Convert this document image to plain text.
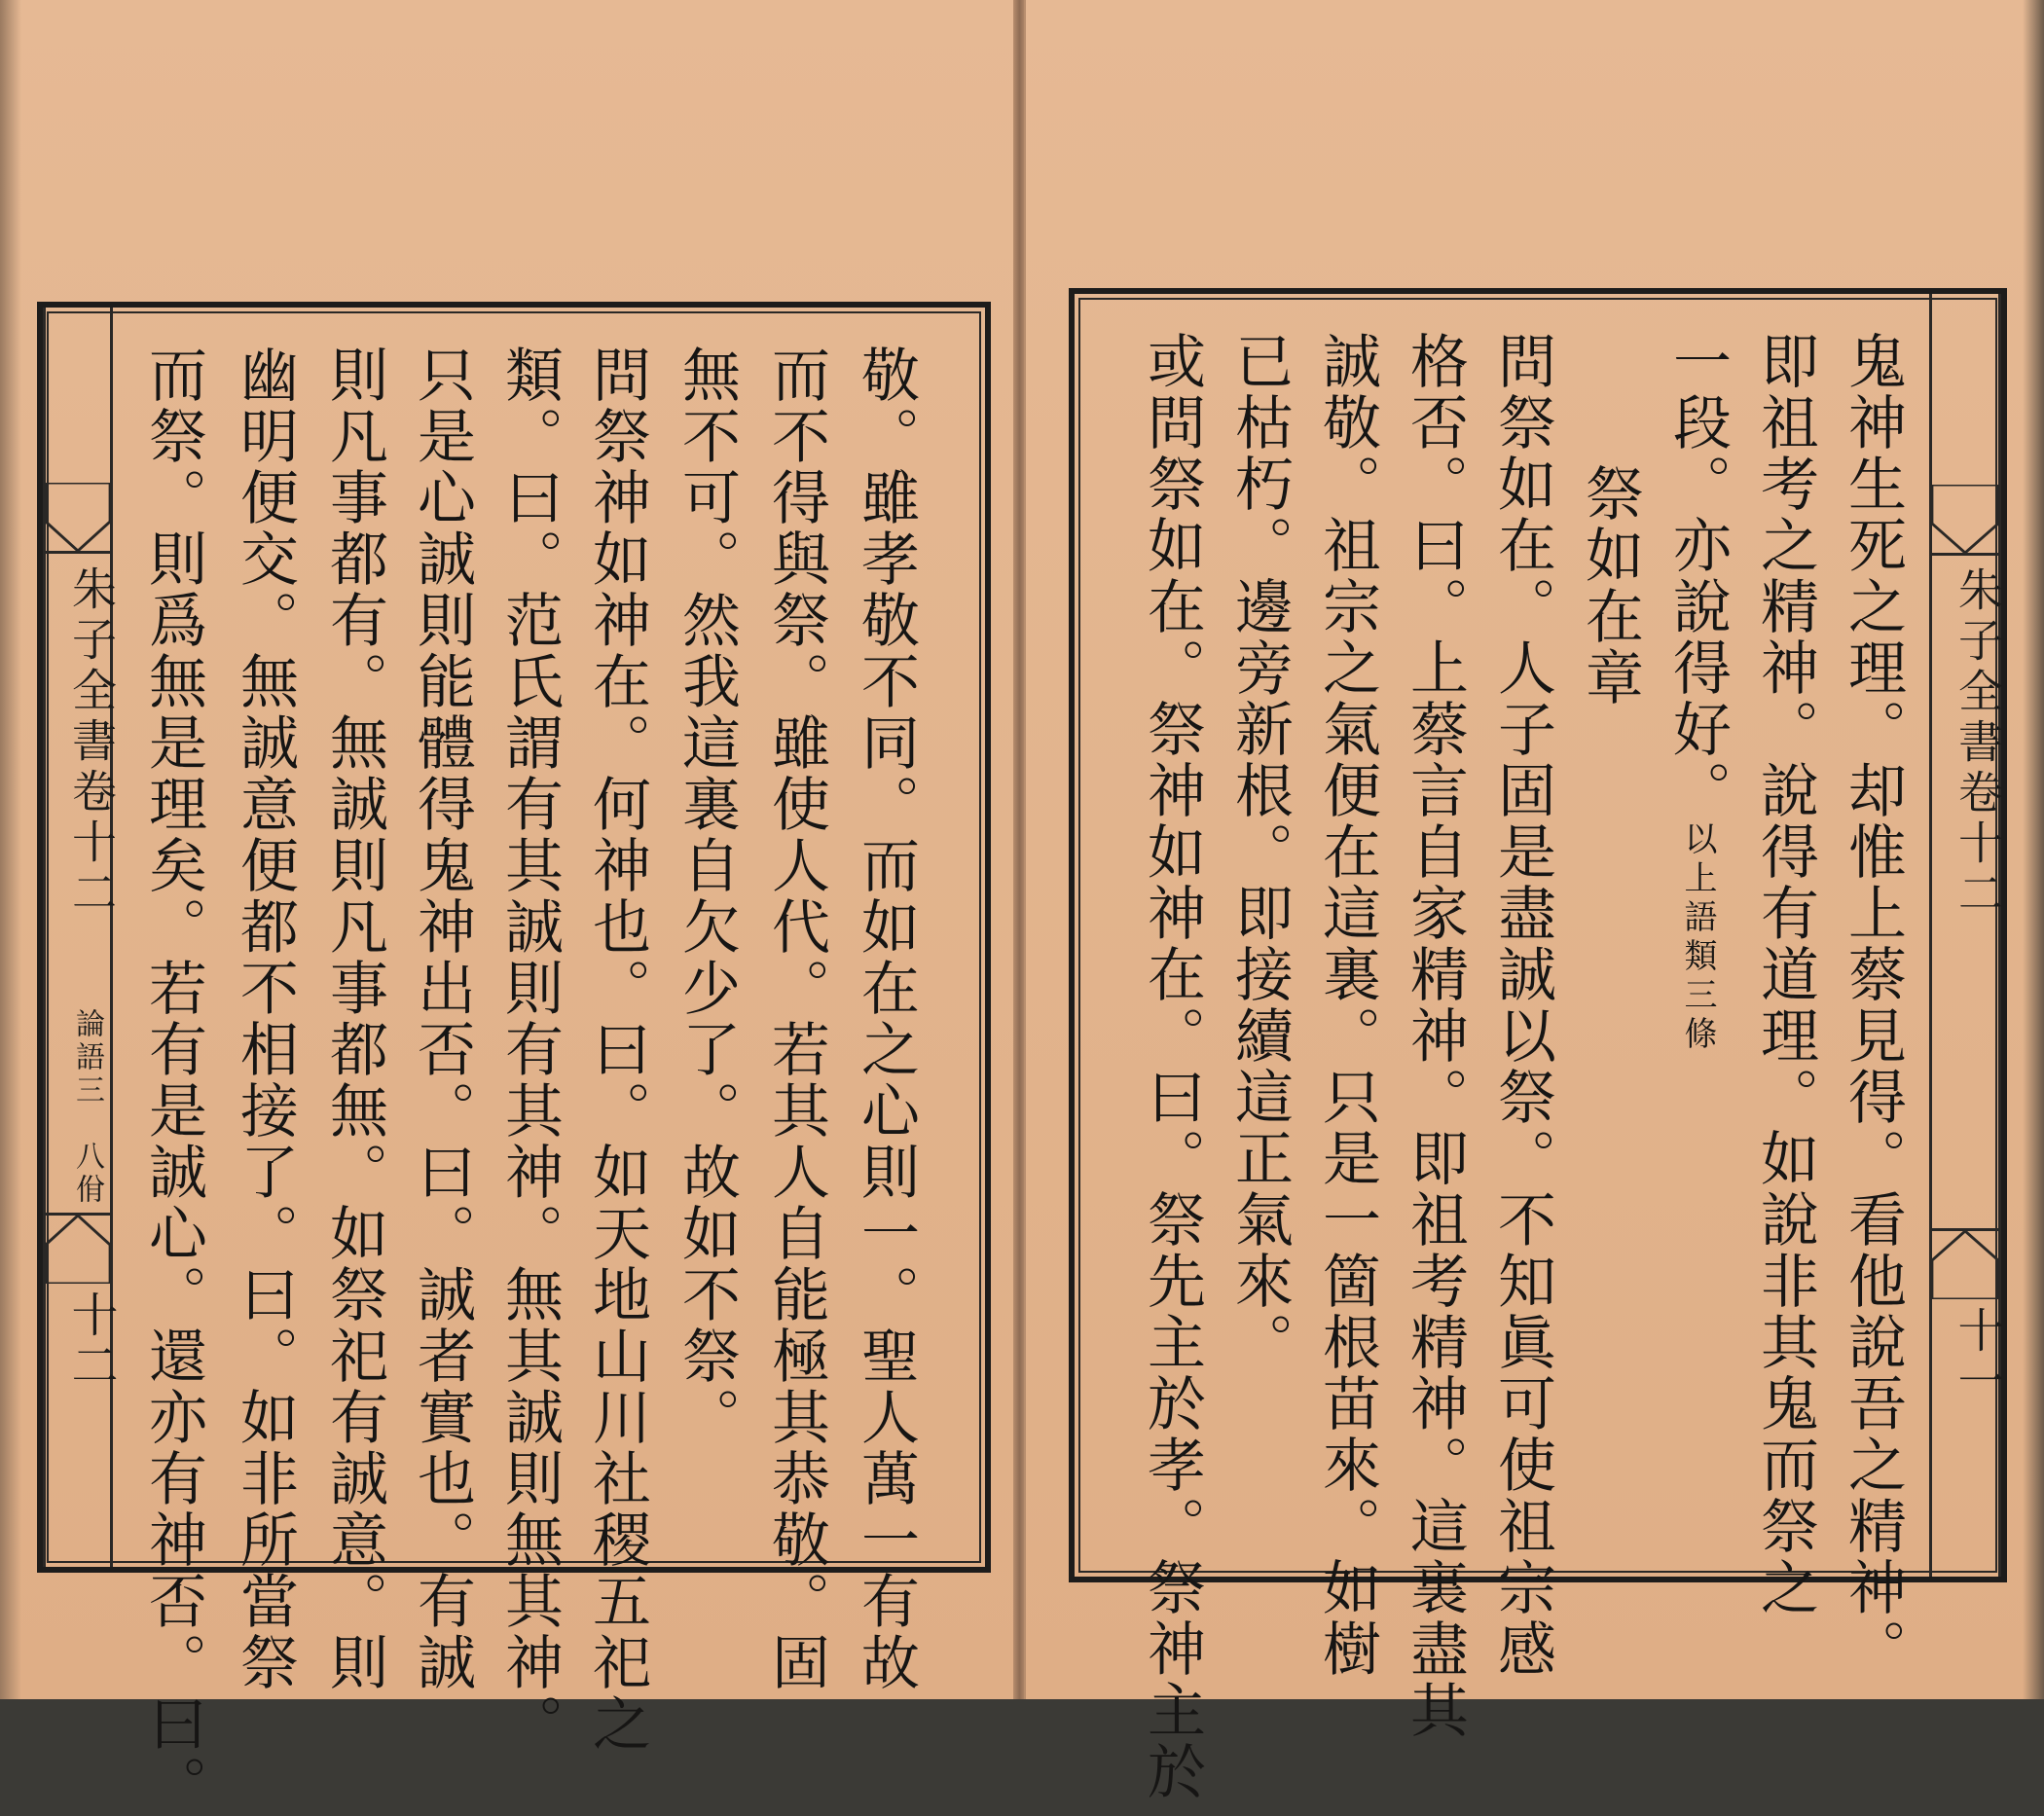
朱子全書卷十二
論語三　八佾
十二	敬。雖孝敬不同。而如在之心則一。聖人萬一有故
而不得與祭。雖使人代。若其人自能極其恭敬。固
無不可。然我這裏自欠少了。故如不祭。
問祭神如神在。何神也。曰。如天地山川社稷五祀之
類。曰。范氏謂有其誠則有其神。無其誠則無其神。
只是心誠則能體得鬼神出否。曰。誠者實也。有誠
則凡事都有。無誠則凡事都無。如祭祀有誠意。則
幽明便交。無誠意便都不相接了。曰。如非所當祭
而祭。則爲無是理矣。若有是誠心。還亦有神否。曰。	朱子全書卷十二
十一
鬼神生死之理。却惟上蔡見得。看他說吾之精神。
即祖考之精神。說得有道理。如說非其鬼而祭之
一段。亦說得好。以上語類三條
祭如在章
問祭如在。人子固是盡誠以祭。不知眞可使祖宗感
格否。曰。上蔡言自家精神。即祖考精神。這裏盡其
誠敬。祖宗之氣便在這裏。只是一箇根苗來。如樹
已枯朽。邊旁新根。即接續這正氣來。
或問祭如在。祭神如神在。曰。祭先主於孝。祭神主於
